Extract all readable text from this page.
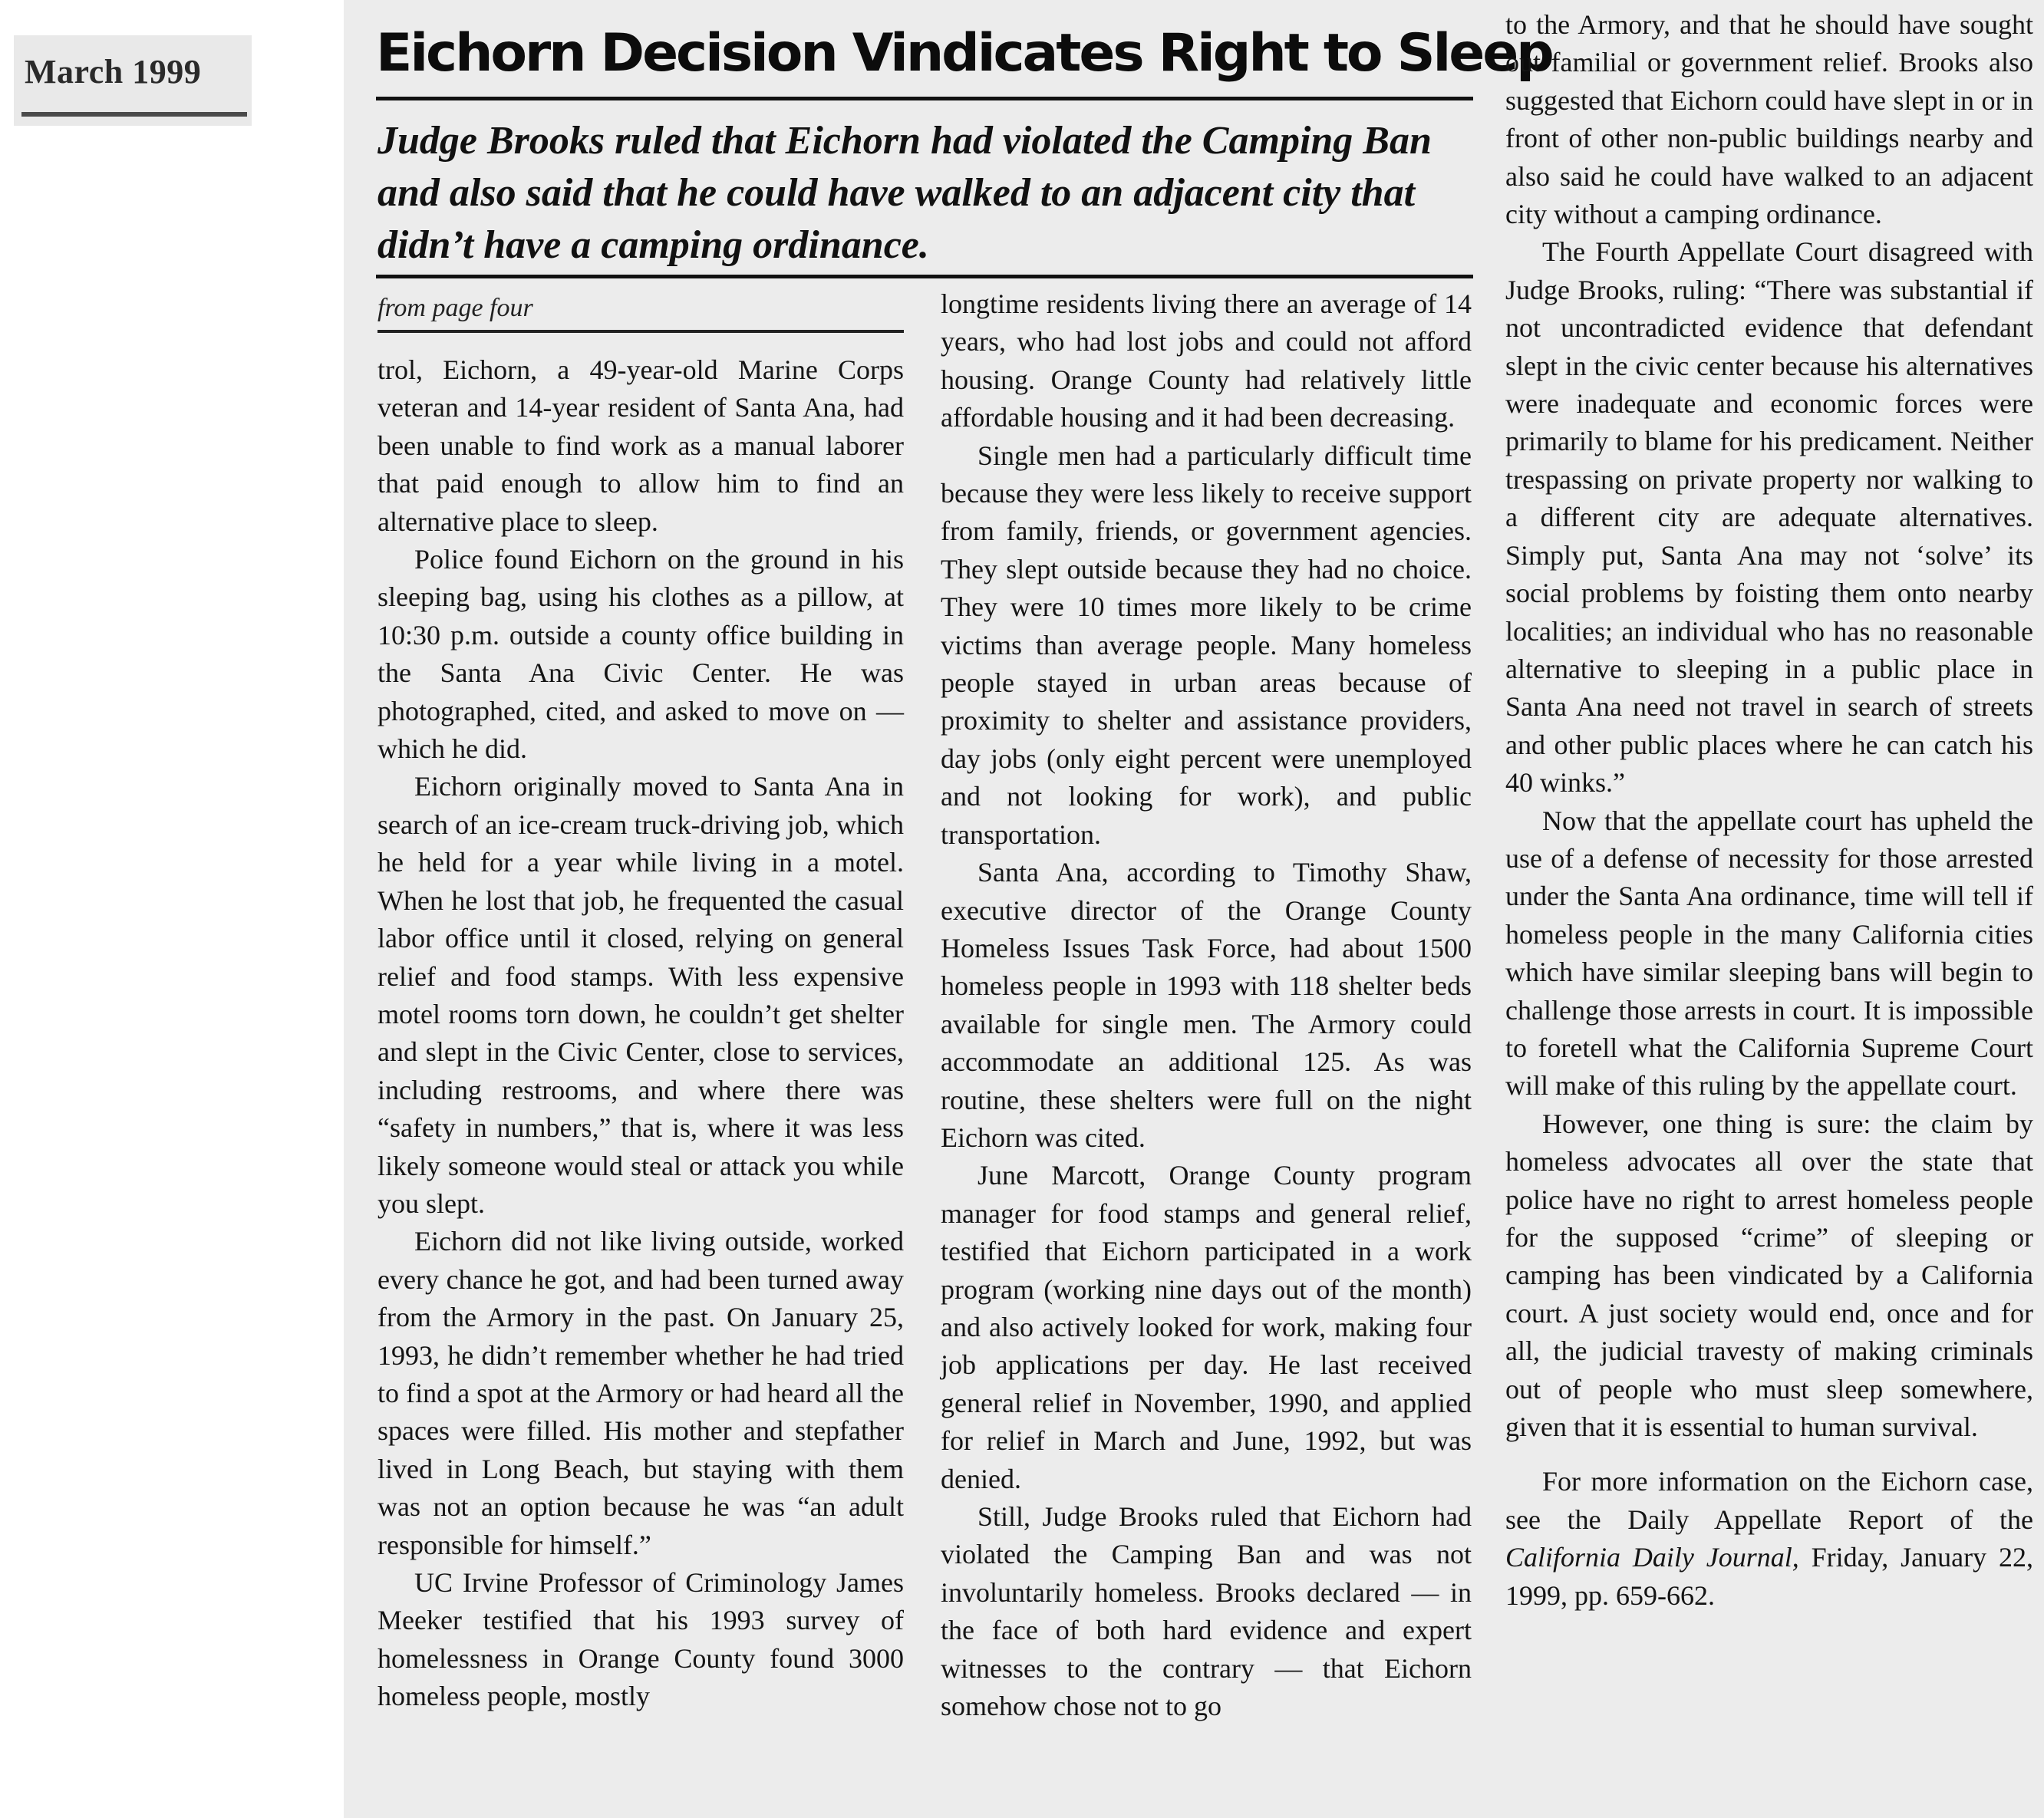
March 1999	Eichorn Decision Vindicates Right to Sleep

Judge Brooks ruled that Eichorn had violated the Camping Ban and also said that he could have walked to an adjacent city that didn’t have a camping ordinance.

from page four

trol, Eichorn, a 49-year-old Marine Corps veteran and 14-year resident of Santa Ana, had been unable to find work as a manual laborer that paid enough to allow him to find an alternative place to sleep.

Police found Eichorn on the ground in his sleeping bag, using his clothes as a pillow, at 10:30 p.m. outside a county office building in the Santa Ana Civic Center. He was photographed, cited, and asked to move on — which he did.

Eichorn originally moved to Santa Ana in search of an ice-cream truck-driving job, which he held for a year while living in a motel. When he lost that job, he frequented the casual labor office until it closed, relying on general relief and food stamps. With less expensive motel rooms torn down, he couldn’t get shelter and slept in the Civic Center, close to services, including restrooms, and where there was “safety in numbers,” that is, where it was less likely someone would steal or attack you while you slept.

Eichorn did not like living outside, worked every chance he got, and had been turned away from the Armory in the past. On January 25, 1993, he didn’t remember whether he had tried to find a spot at the Armory or had heard all the spaces were filled. His mother and stepfather lived in Long Beach, but staying with them was not an option because he was “an adult responsible for himself.”

UC Irvine Professor of Criminology James Meeker testified that his 1993 survey of homelessness in Orange County found 3000 homeless people, mostly

longtime residents living there an average of 14 years, who had lost jobs and could not afford housing. Orange County had relatively little affordable housing and it had been decreasing.

Single men had a particularly difficult time because they were less likely to receive support from family, friends, or government agencies. They slept outside because they had no choice. They were 10 times more likely to be crime victims than average people. Many homeless people stayed in urban areas because of proximity to shelter and assistance providers, day jobs (only eight percent were unemployed and not looking for work), and public transportation.

Santa Ana, according to Timothy Shaw, executive director of the Orange County Homeless Issues Task Force, had about 1500 homeless people in 1993 with 118 shelter beds available for single men. The Armory could accommodate an additional 125. As was routine, these shelters were full on the night Eichorn was cited.

June Marcott, Orange County program manager for food stamps and general relief, testified that Eichorn participated in a work program (working nine days out of the month) and also actively looked for work, making four job applications per day. He last received general relief in November, 1990, and applied for relief in March and June, 1992, but was denied.

Still, Judge Brooks ruled that Eichorn had violated the Camping Ban and was not involuntarily homeless. Brooks declared — in the face of both hard evidence and expert witnesses to the contrary — that Eichorn somehow chose not to go

to the Armory, and that he should have sought out familial or government relief. Brooks also suggested that Eichorn could have slept in or in front of other non-public buildings nearby and also said he could have walked to an adjacent city without a camping ordinance.

The Fourth Appellate Court disagreed with Judge Brooks, ruling: “There was substantial if not uncontradicted evidence that defendant slept in the civic center because his alternatives were inadequate and economic forces were primarily to blame for his predicament. Neither trespassing on private property nor walking to a different city are adequate alternatives. Simply put, Santa Ana may not ‘solve’ its social problems by foisting them onto nearby localities; an individual who has no reasonable alternative to sleeping in a public place in Santa Ana need not travel in search of streets and other public places where he can catch his 40 winks.”

Now that the appellate court has upheld the use of a defense of necessity for those arrested under the Santa Ana ordinance, time will tell if homeless people in the many California cities which have similar sleeping bans will begin to challenge those arrests in court. It is impossible to foretell what the California Supreme Court will make of this ruling by the appellate court.

However, one thing is sure: the claim by homeless advocates all over the state that police have no right to arrest homeless people for the supposed “crime” of sleeping or camping has been vindicated by a California court. A just society would end, once and for all, the judicial travesty of making criminals out of people who must sleep somewhere, given that it is essential to human survival.

For more information on the Eichorn case, see the Daily Appellate Report of the California Daily Journal, Friday, January 22, 1999, pp. 659-662.
